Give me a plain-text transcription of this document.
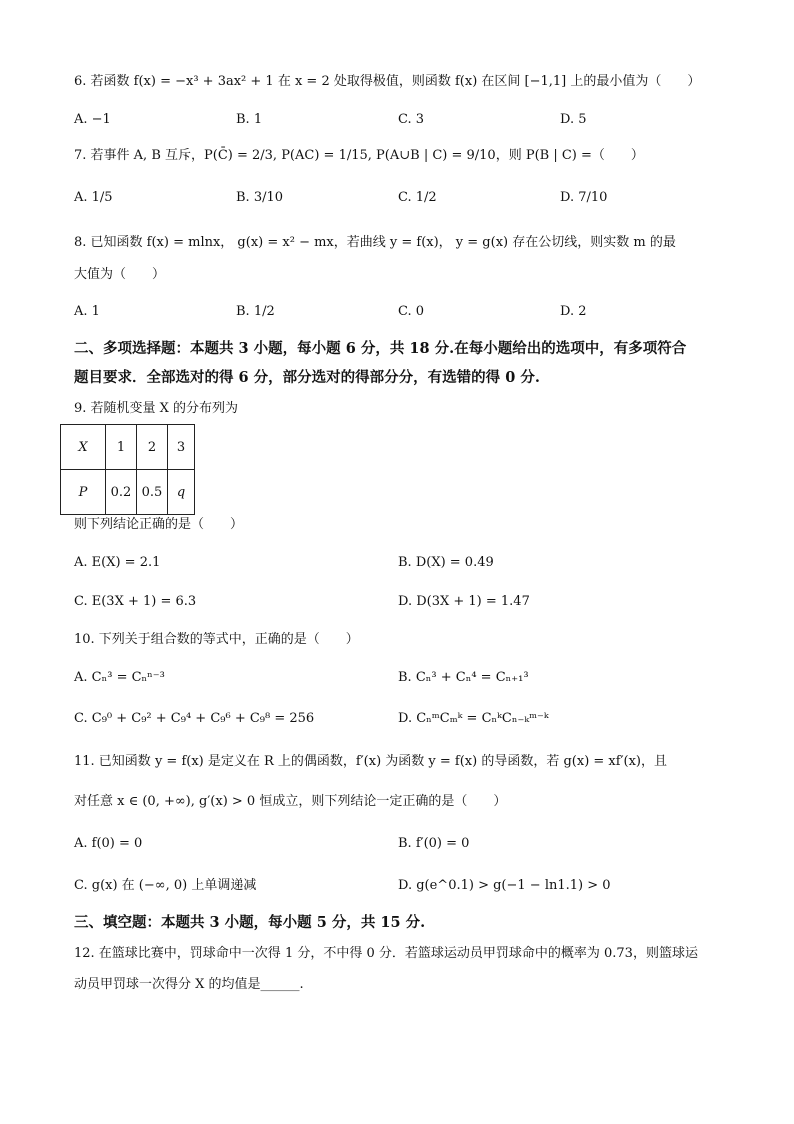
6. 若函数 f(x) = −x³ + 3ax² + 1 在 x = 2 处取得极值，则函数 f(x) 在区间 [−1,1] 上的最小值为（　　）
A. −1	B. 1	C. 3	D. 5
7. 若事件 A, B 互斥，P(C̄) = 2/3, P(AC) = 1/15, P(A∪B | C) = 9/10，则 P(B | C) =（　　）
A. 1/5	B. 3/10	C. 1/2	D. 7/10
8. 已知函数 f(x) = mlnx， g(x) = x² − mx，若曲线 y = f(x)， y = g(x) 存在公切线，则实数 m 的最
大值为（　　）
A. 1	B. 1/2	C. 0	D. 2
二、多项选择题：本题共 3 小题，每小题 6 分，共 18 分.在每小题给出的选项中，有多项符合
题目要求．全部选对的得 6 分，部分选对的得部分分，有选错的得 0 分.
9. 若随机变量 X 的分布列为
X	1	2	3
P	0.2	0.5	q
则下列结论正确的是（　　）
A. E(X) = 2.1	B. D(X) = 0.49
C. E(3X + 1) = 6.3	D. D(3X + 1) = 1.47
10. 下列关于组合数的等式中，正确的是（　　）
A. Cₙ³ = Cₙⁿ⁻³	B. Cₙ³ + Cₙ⁴ = Cₙ₊₁³
C. C₉⁰ + C₉² + C₉⁴ + C₉⁶ + C₉⁸ = 256	D. CₙᵐCₘᵏ = CₙᵏCₙ₋ₖᵐ⁻ᵏ
11. 已知函数 y = f(x) 是定义在 R 上的偶函数，f′(x) 为函数 y = f(x) 的导函数，若 g(x) = xf′(x)，且
对任意 x ∈ (0, +∞), g′(x) > 0 恒成立，则下列结论一定正确的是（　　）
A. f(0) = 0	B. f′(0) = 0
C. g(x) 在 (−∞, 0) 上单调递减	D. g(e^0.1) > g(−1 − ln1.1) > 0
三、填空题：本题共 3 小题，每小题 5 分，共 15 分.
12. 在篮球比赛中，罚球命中一次得 1 分，不中得 0 分．若篮球运动员甲罚球命中的概率为 0.73，则篮球运
动员甲罚球一次得分 X 的均值是______.
